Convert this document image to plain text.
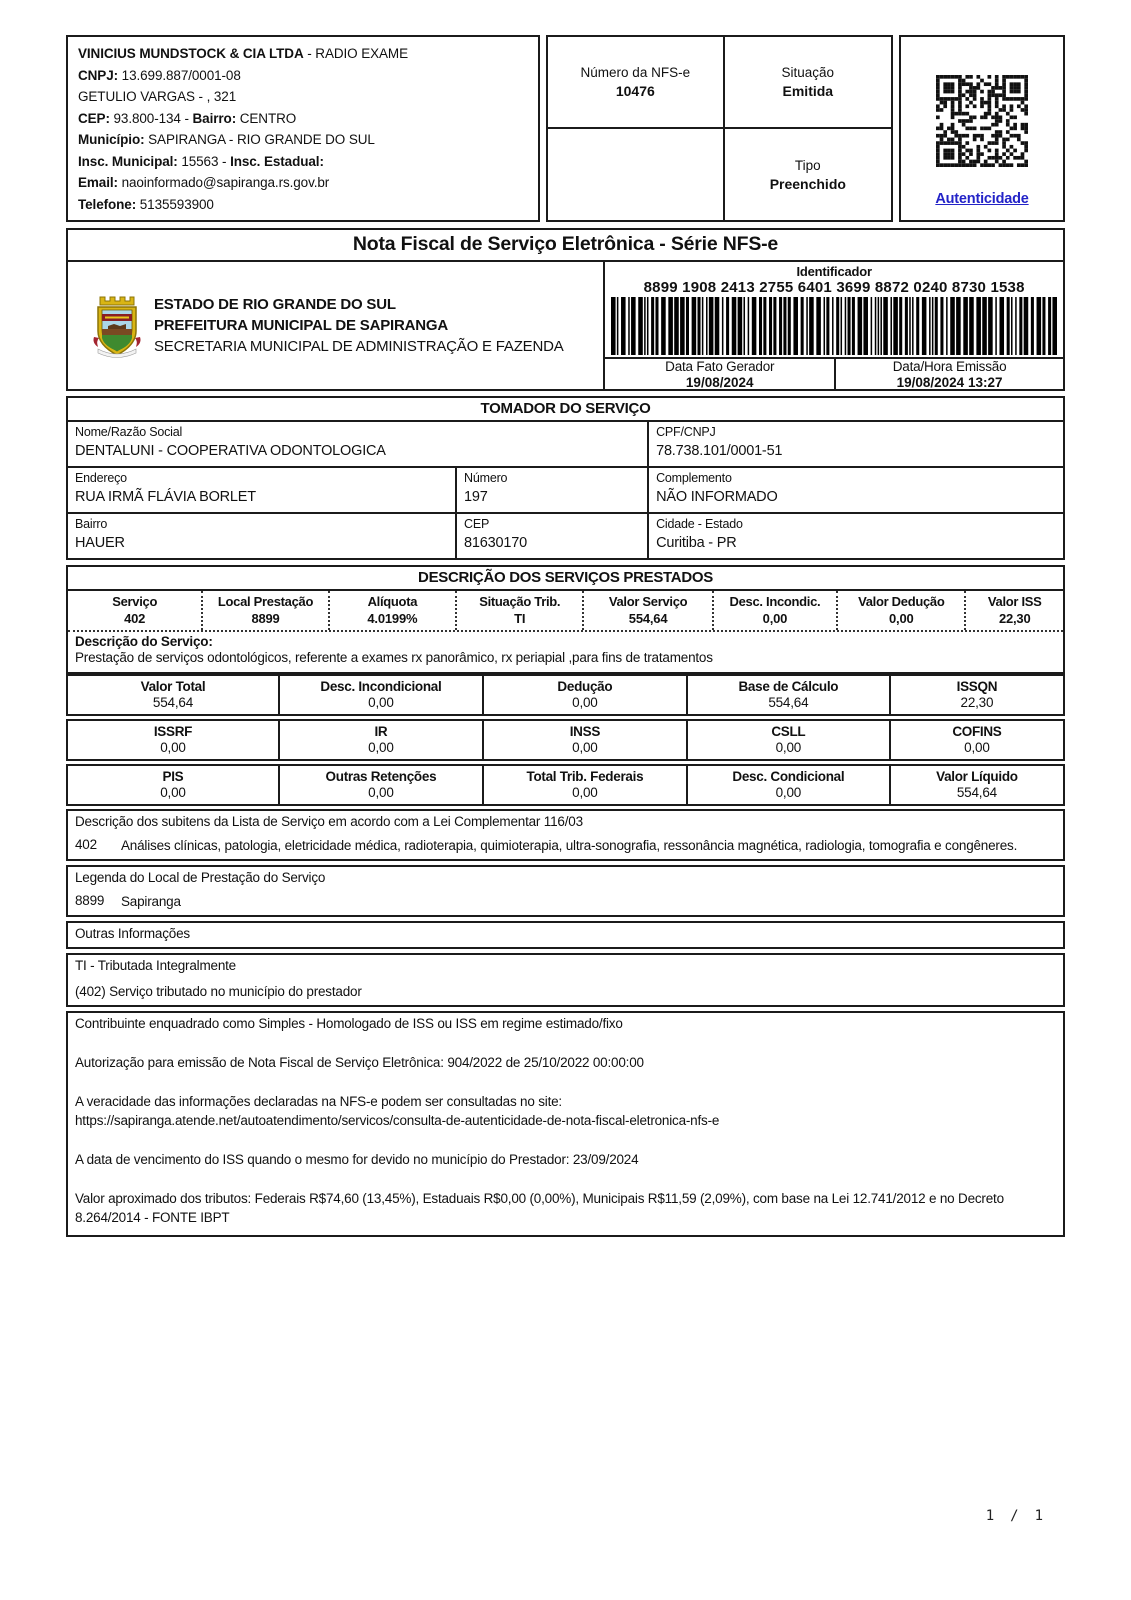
VINICIUS MUNDSTOCK & CIA LTDA - RADIO EXAME
CNPJ: 13.699.887/0001-08
GETULIO VARGAS - , 321
CEP: 93.800-134 - Bairro: CENTRO
Município: SAPIRANGA - RIO GRANDE DO SUL
Insc. Municipal: 15563 - Insc. Estadual:
Email: naoinformado@sapiranga.rs.gov.br
Telefone: 5135593900
Número da NFS-e
10476
Situação
Emitida
Tipo
Preenchido
Autenticidade
Nota Fiscal de Serviço Eletrônica - Série NFS-e
ESTADO DE RIO GRANDE DO SUL
PREFEITURA MUNICIPAL DE SAPIRANGA
SECRETARIA MUNICIPAL DE ADMINISTRAÇÃO E FAZENDA
Identificador
8899 1908 2413 2755 6401 3699 8872 0240 8730 1538
Data Fato Gerador
19/08/2024
Data/Hora Emissão
19/08/2024 13:27
TOMADOR DO SERVIÇO
Nome/Razão Social
DENTALUNI - COOPERATIVA ODONTOLOGICA
CPF/CNPJ
78.738.101/0001-51
Endereço
RUA IRMÃ FLÁVIA BORLET
Número
197
Complemento
NÃO INFORMADO
Bairro
HAUER
CEP
81630170
Cidade - Estado
Curitiba - PR
DESCRIÇÃO DOS SERVIÇOS PRESTADOS
Serviço
402
Local Prestação
8899
Alíquota
4.0199%
Situação Trib.
TI
Valor Serviço
554,64
Desc. Incondic.
0,00
Valor Dedução
0,00
Valor ISS
22,30
Descrição do Serviço:
Prestação de serviços odontológicos, referente a exames rx panorâmico, rx periapial ,para fins de tratamentos
Valor Total
554,64
Desc. Incondicional
0,00
Dedução
0,00
Base de Cálculo
554,64
ISSQN
22,30
ISSRF
0,00
IR
0,00
INSS
0,00
CSLL
0,00
COFINS
0,00
PIS
0,00
Outras Retenções
0,00
Total Trib. Federais
0,00
Desc. Condicional
0,00
Valor Líquido
554,64
Descrição dos subitens da Lista de Serviço em acordo com a Lei Complementar 116/03
402	Análises clínicas, patologia, eletricidade médica, radioterapia, quimioterapia, ultra-sonografia, ressonância magnética, radiologia, tomografia e congêneres.
Legenda do Local de Prestação do Serviço
8899	Sapiranga
Outras Informações
TI - Tributada Integralmente
(402) Serviço tributado no município do prestador

Contribuinte enquadrado como Simples - Homologado de ISS ou ISS em regime estimado/fixo

Autorização para emissão de Nota Fiscal de Serviço Eletrônica: 904/2022 de 25/10/2022 00:00:00

A veracidade das informações declaradas na NFS-e podem ser consultadas no site:
https://sapiranga.atende.net/autoatendimento/servicos/consulta-de-autenticidade-de-nota-fiscal-eletronica-nfs-e

A data de vencimento do ISS quando o mesmo for devido no município do Prestador: 23/09/2024

Valor aproximado dos tributos: Federais R$74,60 (13,45%), Estaduais R$0,00 (0,00%), Municipais R$11,59 (2,09%), com base na Lei 12.741/2012 e no Decreto 8.264/2014 - FONTE IBPT

1 / 1
